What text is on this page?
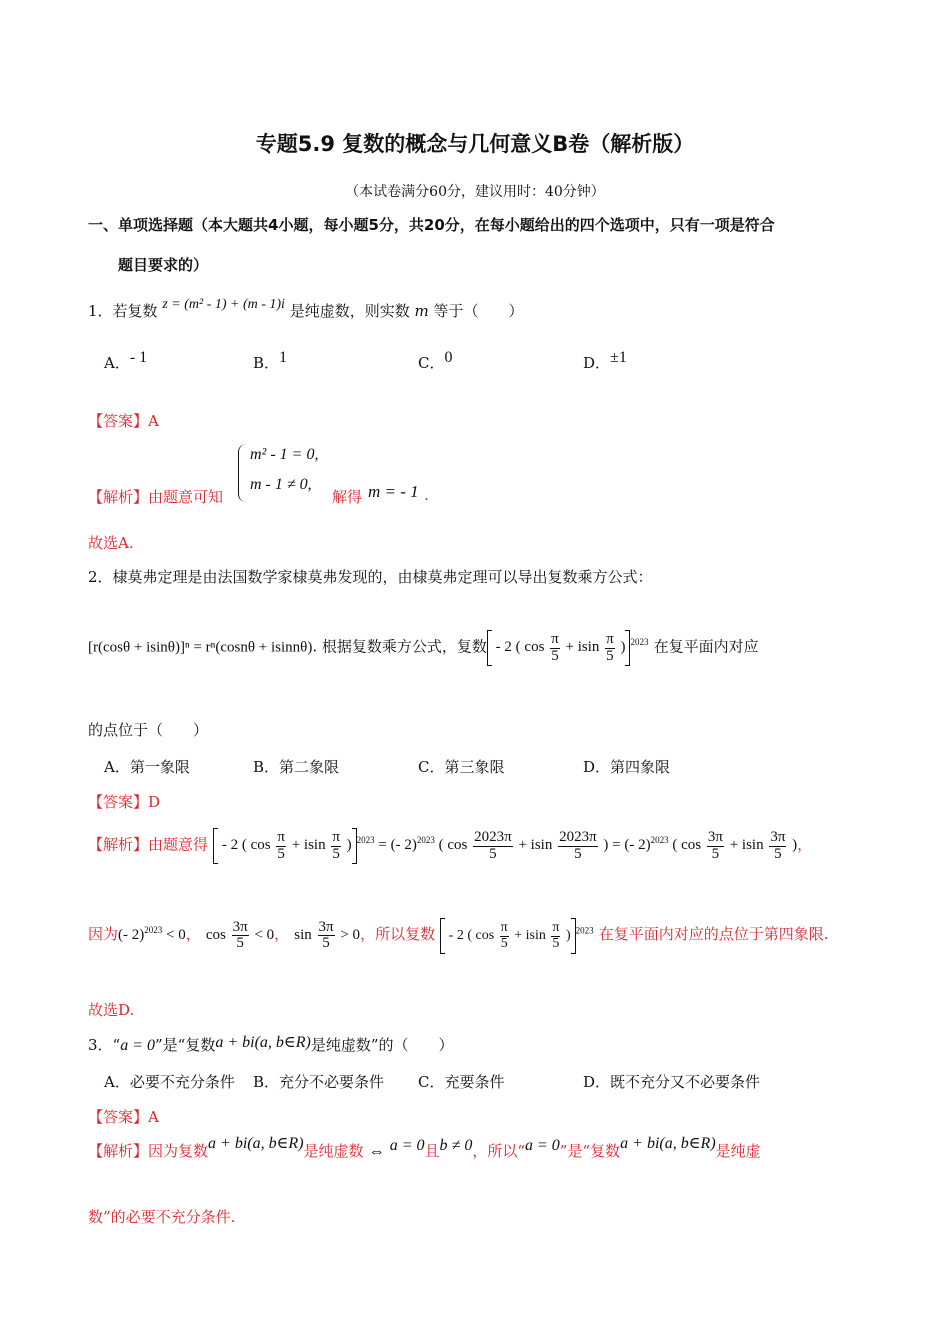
专题5.9 复数的概念与几何意义B卷（解析版）
（本试卷满分60分，建议用时：40分钟）
一、单项选择题（本大题共4小题，每小题5分，共20分，在每小题给出的四个选项中，只有一项是符合
题目要求的）
1．若复数 z = (m² - 1) + (m - 1)i 是纯虚数，则实数 m 等于（　　）
A．- 1	B．1	C．0	D．±1
【答案】A
【解析】由题意可知
m² - 1 = 0,
m - 1 ≠ 0,
解得 m = - 1 .
故选A.
2．棣莫弗定理是由法国数学家棣莫弗发现的，由棣莫弗定理可以导出复数乘方公式：
[r(cosθ + isinθ)]ⁿ = rⁿ(cosnθ + isinnθ). 根据复数乘方公式，复数 - 2 ( $\cos \frac{\pi}{5} + isin \frac{\pi}{5}$ ) $^{2023}$ 在复平面内对应
的点位于（　　）
A．第一象限	B．第二象限	C．第三象限	D．第四象限
【答案】D
【解析】由题意得  - 2 ( $\cos \frac{\pi}{5} + isin \frac{\pi}{5}$ ) $^{2023}$ = (- 2)$^{2023}$ ( $\cos \frac{2023\pi}{5} + isin \frac{2023\pi}{5}$ ) = (- 2)$^{2023}$ ( $\cos \frac{3\pi}{5} + isin \frac{3\pi}{5}$ )，
因为(- 2)$^{2023}$ < 0， $\cos \frac{3\pi}{5} < 0$， $\sin \frac{3\pi}{5} > 0$，所以复数  - 2 ( $\cos \frac{\pi}{5} + isin \frac{\pi}{5}$ ) $^{2023}$ 在复平面内对应的点位于第四象限.
故选D.
3．“a = 0”是“复数a + bi(a, b∈R)是纯虚数”的（　　）
A．必要不充分条件 B．充分不必要条件 C．充要条件	D．既不充分又不必要条件
【答案】A
【解析】因为复数a + bi(a, b∈R)是纯虚数 ⇔ a = 0且b ≠ 0，所以“a = 0”是“复数a + bi(a, b∈R)是纯虚
数”的必要不充分条件.
